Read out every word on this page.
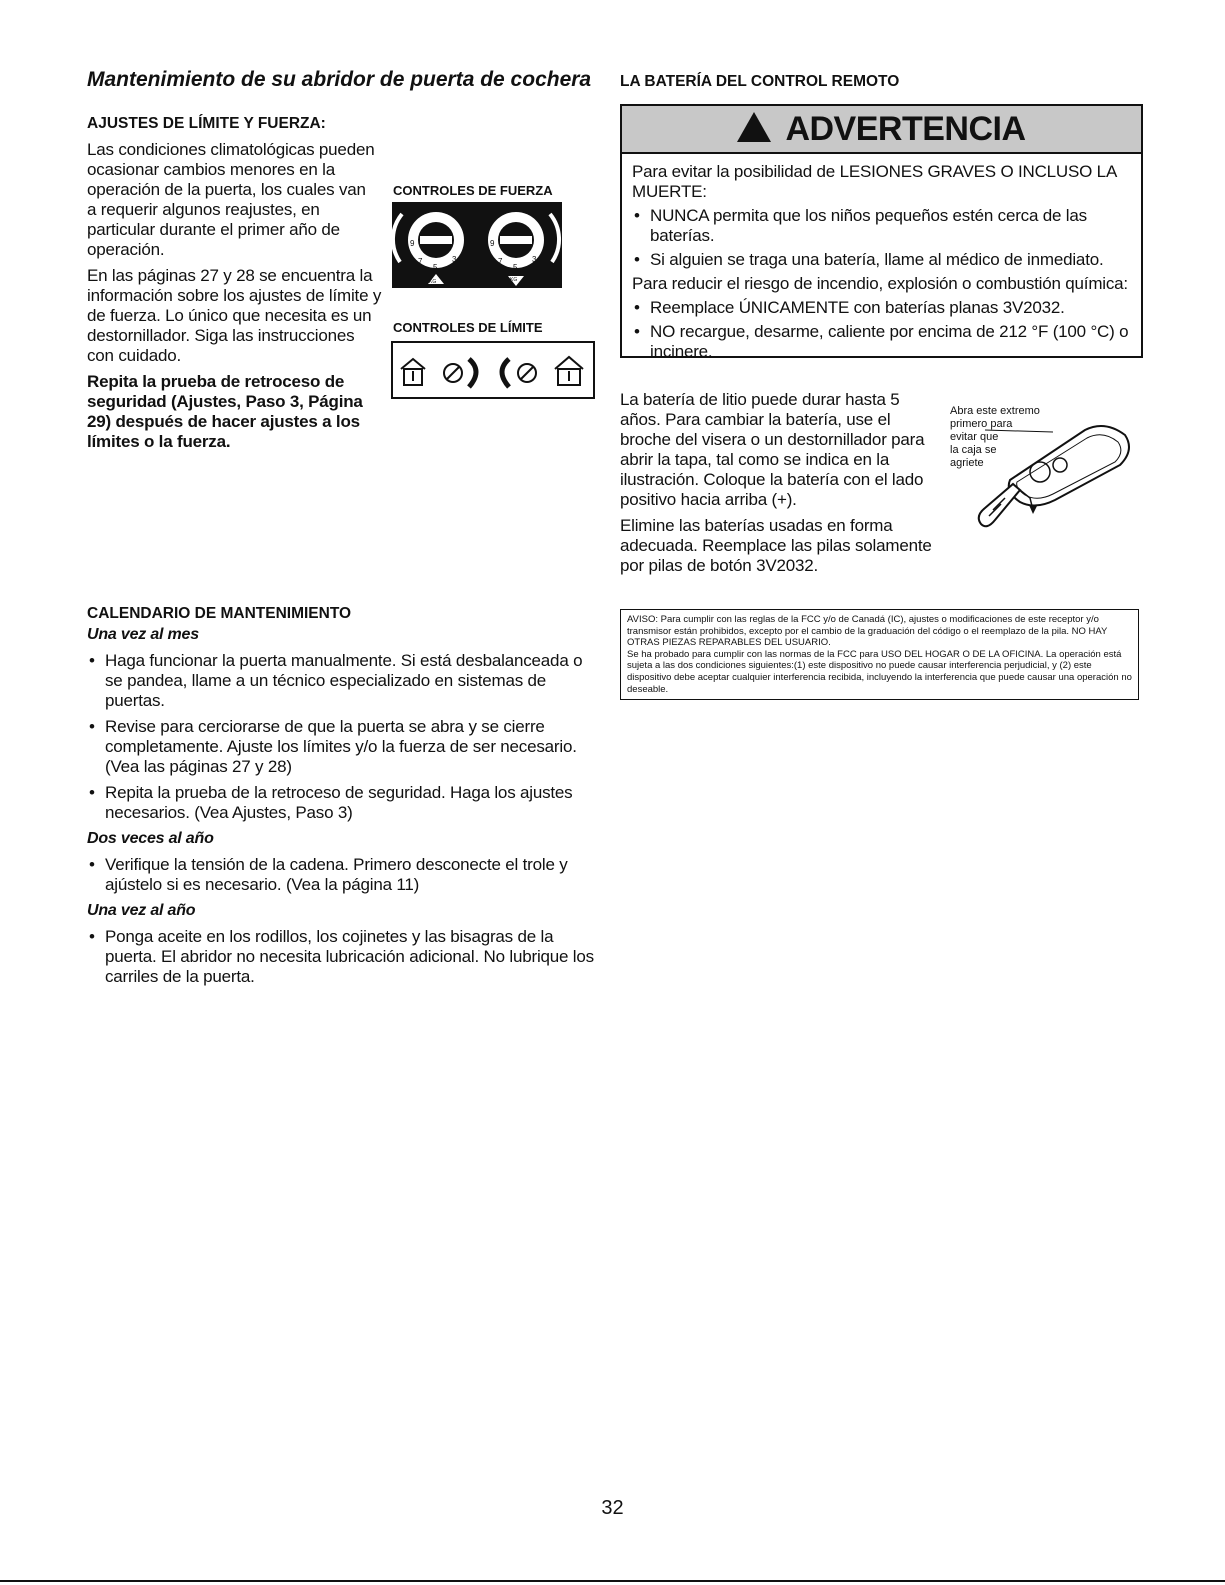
Mantenimiento de su abridor de puerta de cochera
AJUSTES DE LÍMITE Y FUERZA:

Las condiciones climatológicas pueden ocasionar cambios menores en la operación de la puerta, los cuales van a requerir algunos reajustes, en particular durante el primer año de operación.

En las páginas 27 y 28 se encuentra la información sobre los ajustes de límite y de fuerza. Lo único que necesita es un destornillador. Siga las instrucciones con cuidado.

Repita la prueba de retroceso de seguridad (Ajustes, Paso 3, Página 29) después de hacer ajustes a los límites o la fuerza.

CONTROLES DE FUERZA
9
7
5
3
9
7
5
3
KG	KG
CONTROLES DE LÍMITE
CALENDARIO DE MANTENIMIENTO
Una vez al mes
• Haga funcionar la puerta manualmente. Si está desbalanceada o se pandea, llame a un técnico especializado en sistemas de puertas.
• Revise para cerciorarse de que la puerta se abra y se cierre completamente. Ajuste los límites y/o la fuerza de ser necesario. (Vea las páginas 27 y 28)
• Repita la prueba de la retroceso de seguridad. Haga los ajustes necesarios. (Vea Ajustes, Paso 3)
Dos veces al año
• Verifique la tensión de la cadena. Primero desconecte el trole y ajústelo si es necesario. (Vea la página 11)
Una vez al año
• Ponga aceite en los rodillos, los cojinetes y las bisagras de la puerta. El abridor no necesita lubricación adicional. No lubrique los carriles de la puerta.
LA BATERÍA DEL CONTROL REMOTO
ADVERTENCIA

Para evitar la posibilidad de LESIONES GRAVES O INCLUSO LA MUERTE:

• NUNCA permita que los niños pequeños estén cerca de las baterías.
• Si alguien se traga una batería, llame al médico de inmediato.

Para reducir el riesgo de incendio, explosión o combustión química:

• Reemplace ÚNICAMENTE con baterías planas 3V2032.
• NO recargue, desarme, caliente por encima de 212 °F (100 °C) o incinere.

La batería de litio puede durar hasta 5 años. Para cambiar la batería, use el broche del visera o un destornillador para abrir la tapa, tal como se indica en la ilustración. Coloque la batería con el lado positivo hacia arriba (+).

Elimine las baterías usadas en forma adecuada. Reemplace las pilas solamente por pilas de botón 3V2032.

Abra este extremo
primero para
evitar que
la caja se
agriete

AVISO: Para cumplir con las reglas de la FCC y/o de Canadá (IC), ajustes o modificaciones de este receptor y/o transmisor están prohibidos, excepto por el cambio de la graduación del código o el reemplazo de la pila. NO HAY OTRAS PIEZAS REPARABLES DEL USUARIO.

Se ha probado para cumplir con las normas de la FCC para USO DEL HOGAR O DE LA OFICINA. La operación está sujeta a las dos condiciones siguientes:(1) este dispositivo no puede causar interferencia perjudicial, y (2) este dispositivo debe aceptar cualquier interferencia recibida, incluyendo la interferencia que puede causar una operación no deseable.

32
